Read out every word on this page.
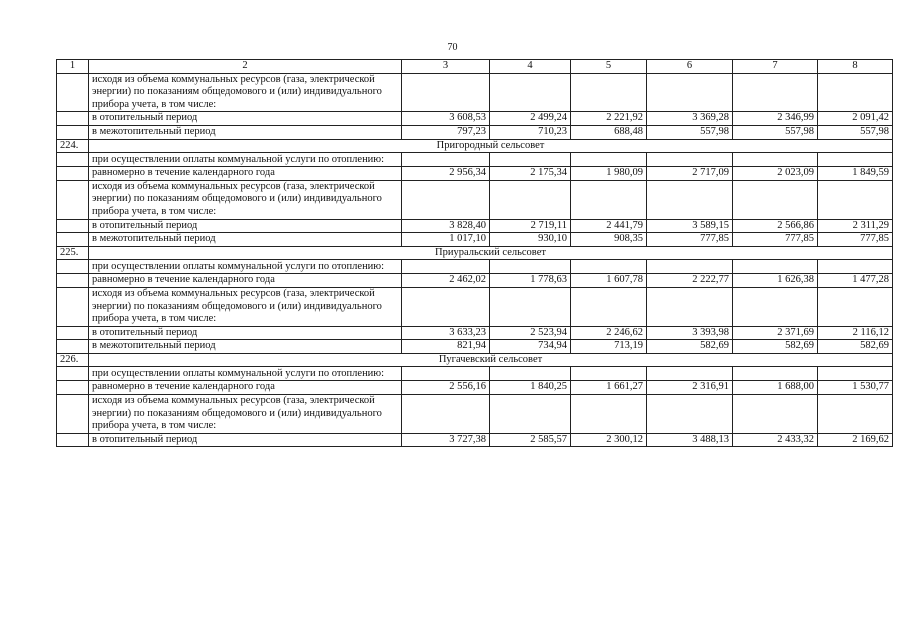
70
1	2	3	4	5	6	7	8
	исходя из объема коммунальных ресурсов (газа, электрической энергии) по показаниям общедомового и (или) индивидуального прибора учета, в том числе:						
	в отопительный период	3 608,53	2 499,24	2 221,92	3 369,28	2 346,99	2 091,42
	в межотопительный период	797,23	710,23	688,48	557,98	557,98	557,98
224.	Пригородный сельсовет						
	при осуществлении оплаты коммунальной услуги по отоплению:						
	равномерно в течение календарного года	2 956,34	2 175,34	1 980,09	2 717,09	2 023,09	1 849,59
	исходя из объема коммунальных ресурсов (газа, электрической энергии) по показаниям общедомового и (или) индивидуального прибора учета, в том числе:						
	в отопительный период	3 828,40	2 719,11	2 441,79	3 589,15	2 566,86	2 311,29
	в межотопительный период	1 017,10	930,10	908,35	777,85	777,85	777,85
225.	Приуральский сельсовет						
	при осуществлении оплаты коммунальной услуги по отоплению:						
	равномерно в течение календарного года	2 462,02	1 778,63	1 607,78	2 222,77	1 626,38	1 477,28
	исходя из объема коммунальных ресурсов (газа, электрической энергии) по показаниям общедомового и (или) индивидуального прибора учета, в том числе:						
	в отопительный период	3 633,23	2 523,94	2 246,62	3 393,98	2 371,69	2 116,12
	в межотопительный период	821,94	734,94	713,19	582,69	582,69	582,69
226.	Пугачевский сельсовет						
	при осуществлении оплаты коммунальной услуги по отоплению:						
	равномерно в течение календарного года	2 556,16	1 840,25	1 661,27	2 316,91	1 688,00	1 530,77
	исходя из объема коммунальных ресурсов (газа, электрической энергии) по показаниям общедомового и (или) индивидуального прибора учета, в том числе:						
	в отопительный период	3 727,38	2 585,57	2 300,12	3 488,13	2 433,32	2 169,62
